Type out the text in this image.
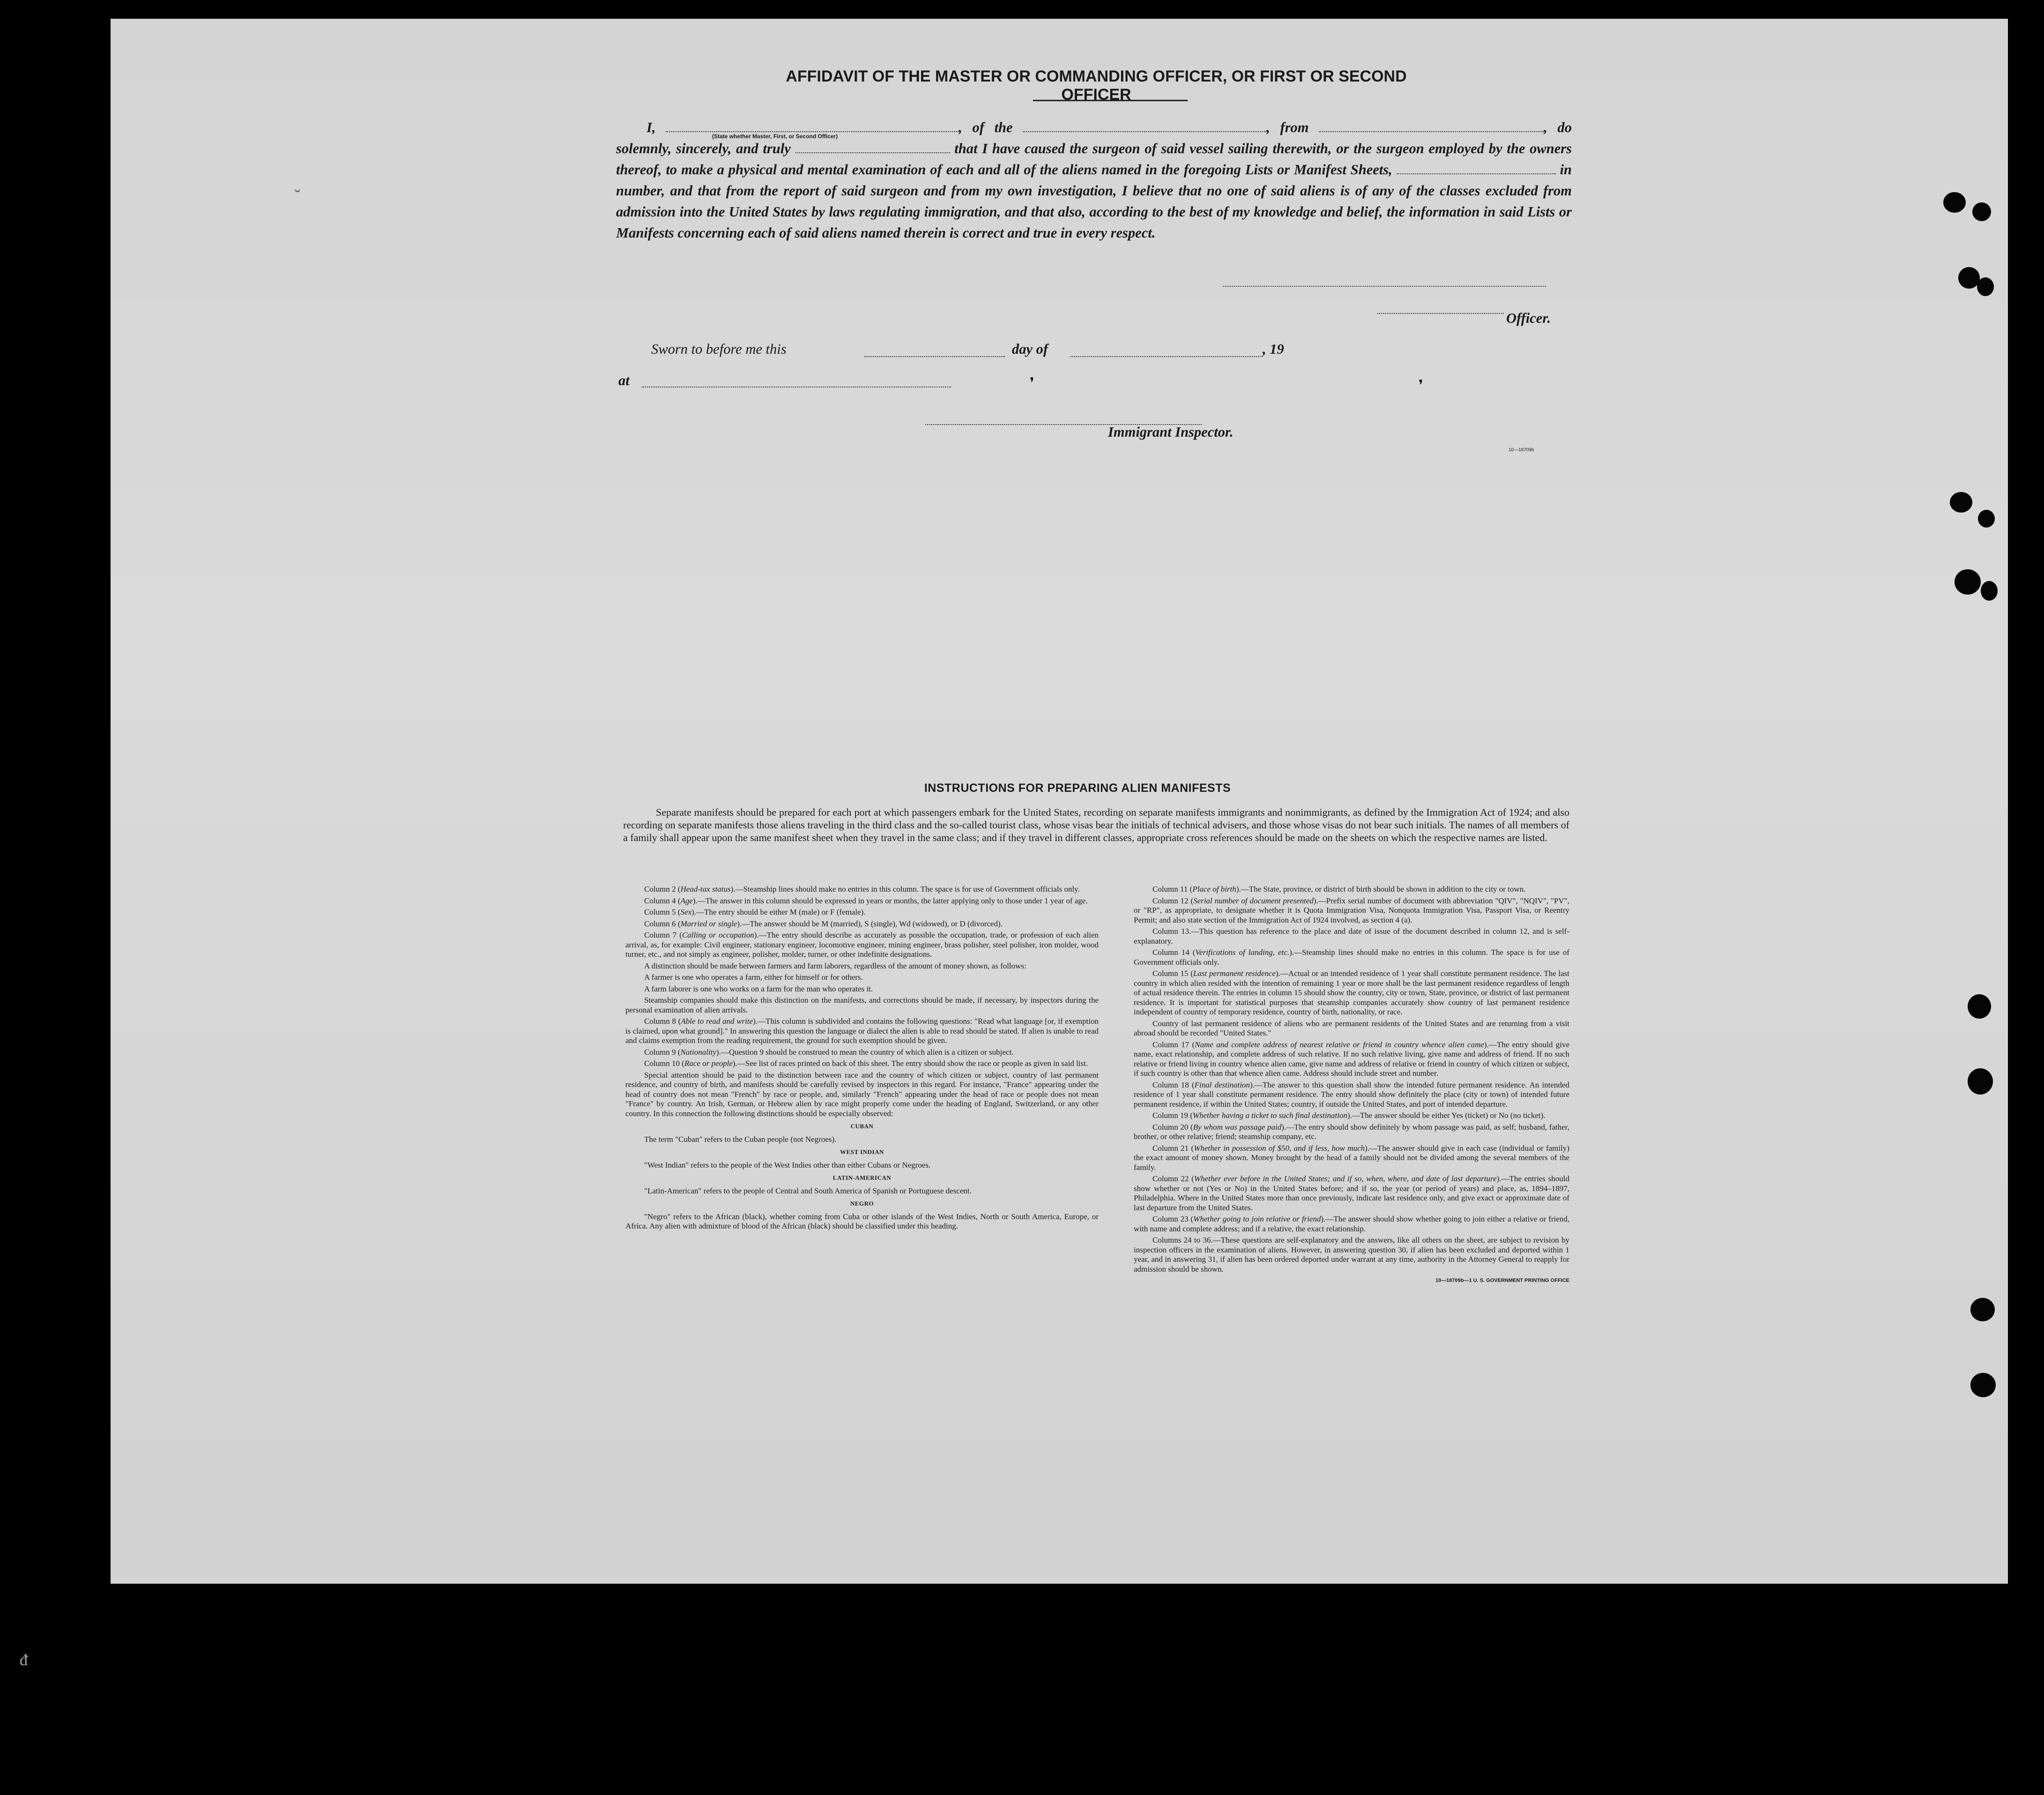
˘
AFFIDAVIT OF THE MASTER OR COMMANDING OFFICER, OR FIRST OR SECOND OFFICER
I,	, of the	, from	, do solemnly, sincerely, and truly	that I have caused the surgeon of said vessel sailing therewith, or the surgeon employed by the owners thereof, to make a physical and mental examination of each and all of the aliens named in the foregoing Lists or Manifest Sheets,	in number, and that from the report of said surgeon and from my own investigation, I believe that no one of said aliens is of any of the classes excluded from admission into the United States by laws regulating immigration, and that also, according to the best of my knowledge and belief, the information in said Lists or Manifests concerning each of said aliens named therein is correct and true in every respect.
(State whether Master, First, or Second Officer)
Officer.
Sworn to before me this	day of	, 19
at	❜	❜
Immigrant Inspector.
10—18709b
INSTRUCTIONS FOR PREPARING ALIEN MANIFESTS
Separate manifests should be prepared for each port at which passengers embark for the United States, recording on separate manifests immigrants and nonimmigrants, as defined by the Immigration Act of 1924; and also recording on separate manifests those aliens traveling in the third class and the so-called tourist class, whose visas bear the initials of technical advisers, and those whose visas do not bear such initials. The names of all members of a family shall appear upon the same manifest sheet when they travel in the same class; and if they travel in different classes, appropriate cross references should be made on the sheets on which the respective names are listed.

Column 2 (Head-tax status).—Steamship lines should make no entries in this column. The space is for use of Government officials only.

Column 4 (Age).—The answer in this column should be expressed in years or months, the latter applying only to those under 1 year of age.

Column 5 (Sex).—The entry should be either M (male) or F (female).

Column 6 (Married or single).—The answer should be M (married), S (single), Wd (widowed), or D (divorced).

Column 7 (Calling or occupation).—The entry should describe as accurately as possible the occupation, trade, or profession of each alien arrival, as, for example: Civil engineer, stationary engineer, locomotive engineer, mining engineer, brass polisher, steel polisher, iron molder, wood turner, etc., and not simply as engineer, polisher, molder, turner, or other indefinite designations.

A distinction should be made between farmers and farm laborers, regardless of the amount of money shown, as follows:

A farmer is one who operates a farm, either for himself or for others.

A farm laborer is one who works on a farm for the man who operates it.

Steamship companies should make this distinction on the manifests, and corrections should be made, if necessary, by inspectors during the personal examination of alien arrivals.

Column 8 (Able to read and write).—This column is subdivided and contains the following questions: "Read what language [or, if exemption is claimed, upon what ground]." In answering this question the language or dialect the alien is able to read should be stated. If alien is unable to read and claims exemption from the reading requirement, the ground for such exemption should be given.

Column 9 (Nationality).—Question 9 should be construed to mean the country of which alien is a citizen or subject.

Column 10 (Race or people).—See list of races printed on back of this sheet. The entry should show the race or people as given in said list.

Special attention should be paid to the distinction between race and the country of which citizen or subject, country of last permanent residence, and country of birth, and manifests should be carefully revised by inspectors in this regard. For instance, "France" appearing under the head of country does not mean "French" by race or people, and, similarly "French" appearing under the head of race or people does not mean "France" by country. An Irish, German, or Hebrew alien by race might properly come under the heading of England, Switzerland, or any other country. In this connection the following distinctions should be especially observed:

CUBAN

The term "Cuban" refers to the Cuban people (not Negroes).

WEST INDIAN

"West Indian" refers to the people of the West Indies other than either Cubans or Negroes.

LATIN-AMERICAN

"Latin-American" refers to the people of Central and South America of Spanish or Portuguese descent.

NEGRO

"Negro" refers to the African (black), whether coming from Cuba or other islands of the West Indies, North or South America, Europe, or Africa. Any alien with admixture of blood of the African (black) should be classified under this heading.

Column 11 (Place of birth).—The State, province, or district of birth should be shown in addition to the city or town.

Column 12 (Serial number of document presented).—Prefix serial number of document with abbreviation "QIV", "NQIV", "PV", or "RP", as appropriate, to designate whether it is Quota Immigration Visa, Nonquota Immigration Visa, Passport Visa, or Reentry Permit; and also state section of the Immigration Act of 1924 involved, as section 4 (a).

Column 13.—This question has reference to the place and date of issue of the document described in column 12, and is self-explanatory.

Column 14 (Verifications of landing, etc.).—Steamship lines should make no entries in this column. The space is for use of Government officials only.

Column 15 (Last permanent residence).—Actual or an intended residence of 1 year shall constitute permanent residence. The last country in which alien resided with the intention of remaining 1 year or more shall be the last permanent residence regardless of length of actual residence therein. The entries in column 15 should show the country, city or town, State, province, or district of last permanent residence. It is important for statistical purposes that steamship companies accurately show country of last permanent residence independent of country of temporary residence, country of birth, nationality, or race.

Country of last permanent residence of aliens who are permanent residents of the United States and are returning from a visit abroad should be recorded "United States."

Column 17 (Name and complete address of nearest relative or friend in country whence alien came).—The entry should give name, exact relationship, and complete address of such relative. If no such relative living, give name and address of friend. If no such relative or friend living in country whence alien came, give name and address of relative or friend in country of which citizen or subject, if such country is other than that whence alien came. Address should include street and number.

Column 18 (Final destination).—The answer to this question shall show the intended future permanent residence. An intended residence of 1 year shall constitute permanent residence. The entry should show definitely the place (city or town) of intended future permanent residence, if within the United States; country, if outside the United States, and port of intended departure.

Column 19 (Whether having a ticket to such final destination).—The answer should be either Yes (ticket) or No (no ticket).

Column 20 (By whom was passage paid).—The entry should show definitely by whom passage was paid, as self; husband, father, brother, or other relative; friend; steamship company, etc.

Column 21 (Whether in possession of $50, and if less, how much).—The answer should give in each case (individual or family) the exact amount of money shown. Money brought by the head of a family should not be divided among the several members of the family.

Column 22 (Whether ever before in the United States; and if so, when, where, and date of last departure).—The entries should show whether or not (Yes or No) in the United States before; and if so, the year (or period of years) and place, as, 1894–1897, Philadelphia. Where in the United States more than once previously, indicate last residence only, and give exact or approximate date of last departure from the United States.

Column 23 (Whether going to join relative or friend).—The answer should show whether going to join either a relative or friend, with name and complete address; and if a relative, the exact relationship.

Columns 24 to 36.—These questions are self-explanatory and the answers, like all others on the sheet, are subject to revision by inspection officers in the examination of aliens. However, in answering question 30, if alien has been excluded and deported within 1 year, and in answering 31, if alien has been ordered deported under warrant at any time, authority in the Attorney General to reapply for admission should be shown.

10—18709b—1 U. S. GOVERNMENT PRINTING OFFICE
ᵭ
